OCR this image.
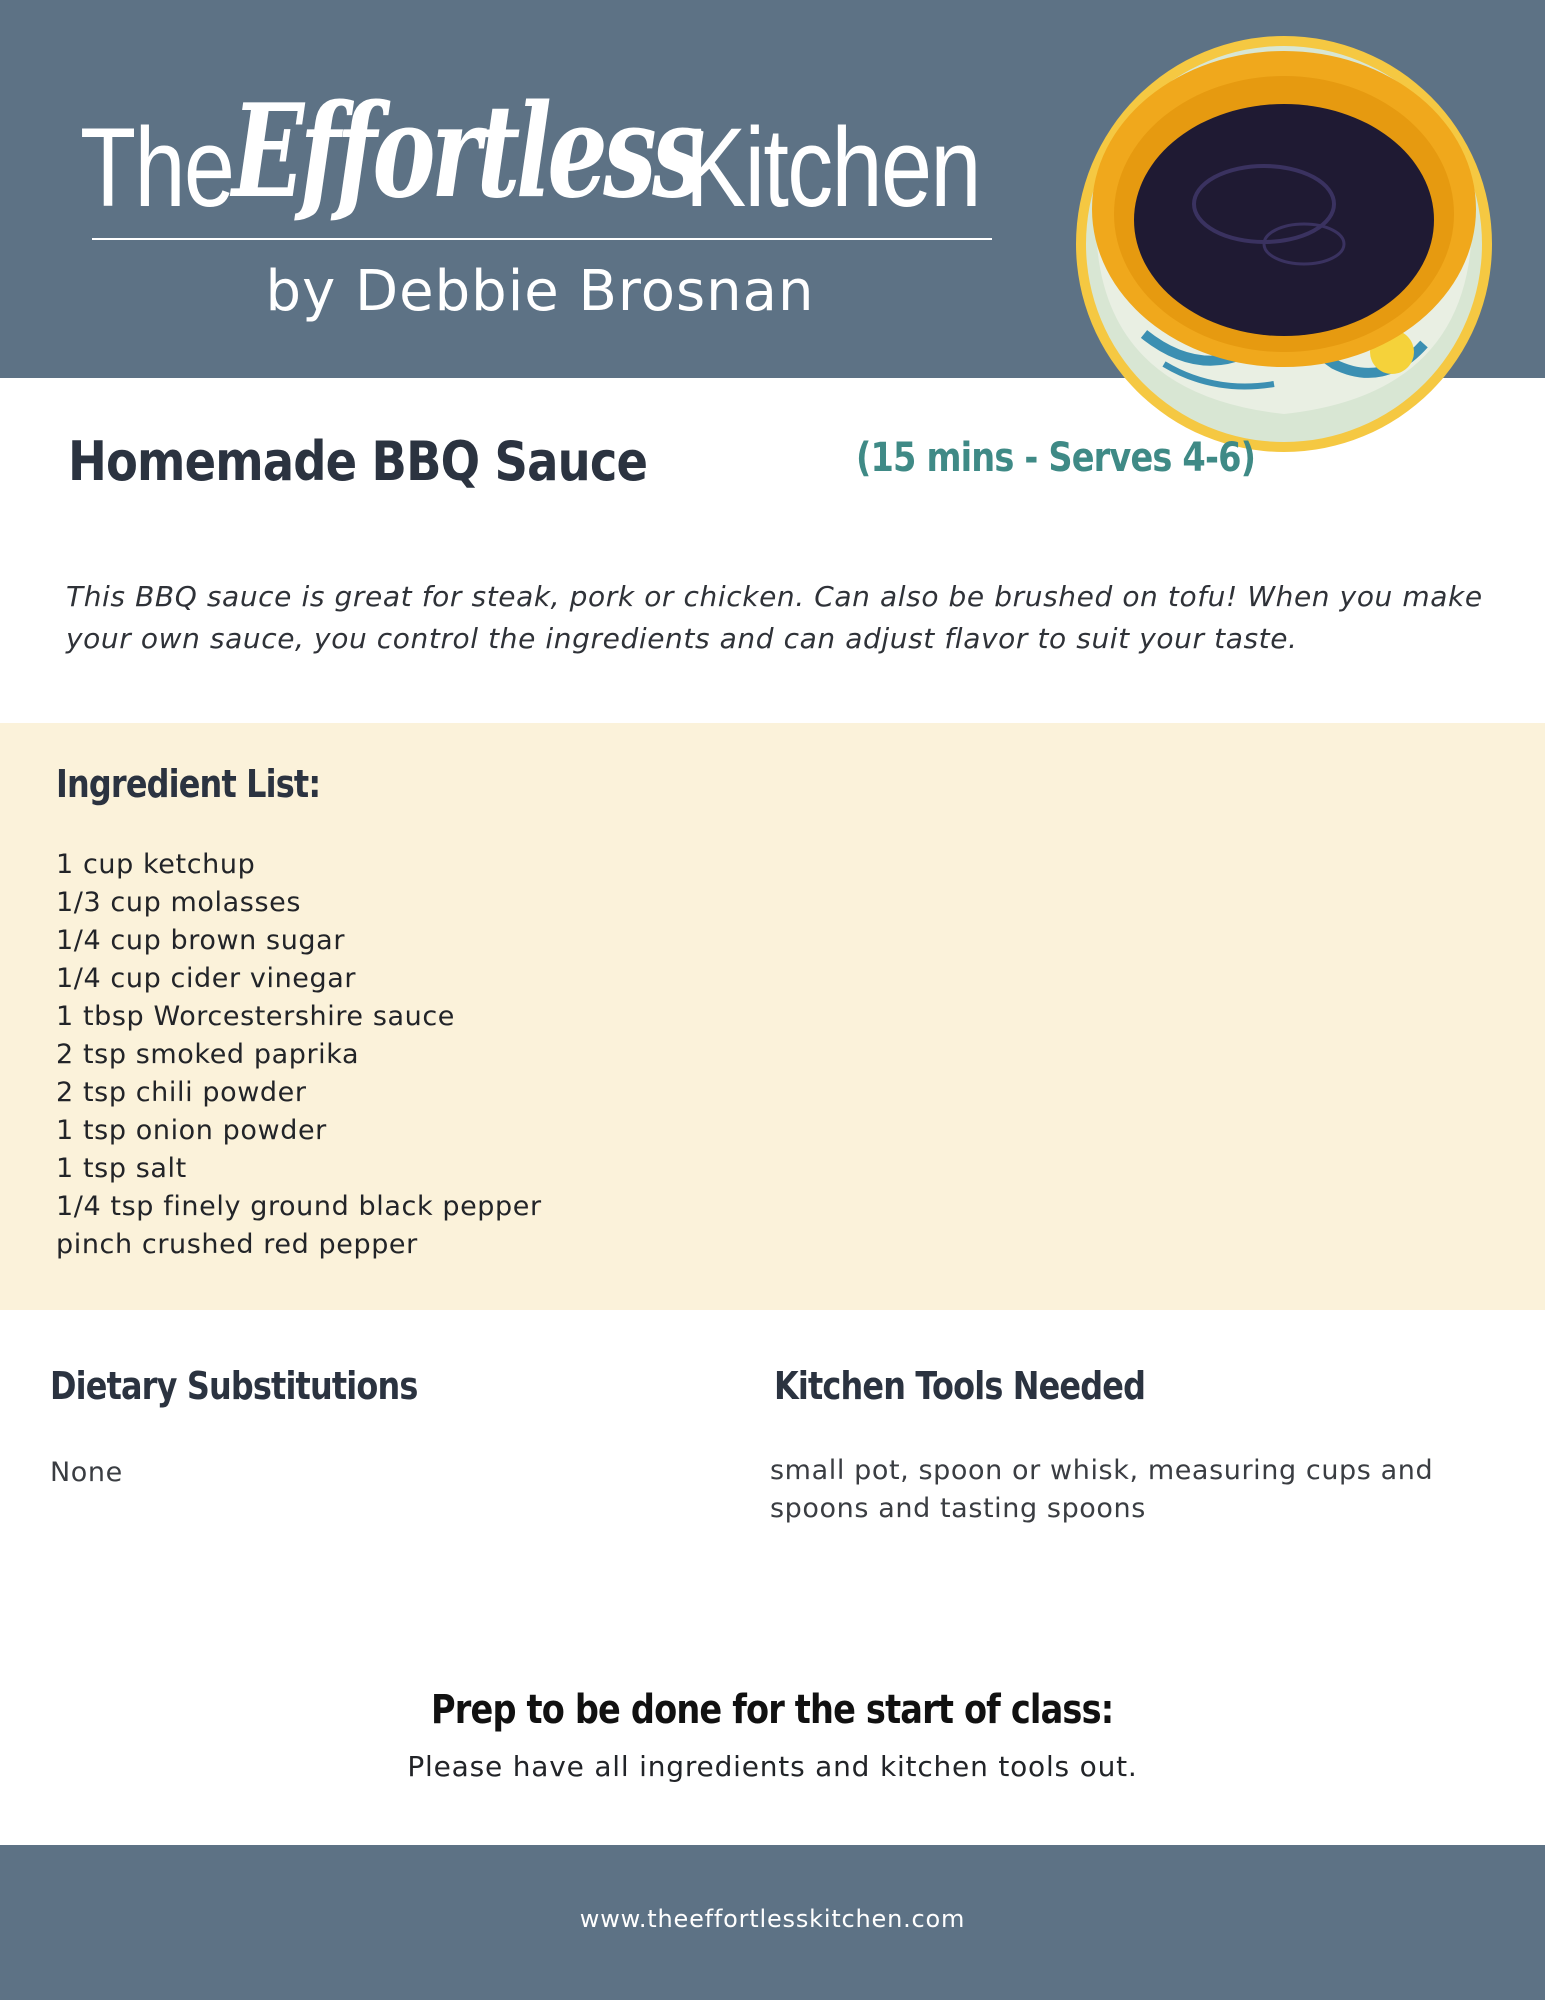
The
Effortless
Kitchen
by Debbie Brosnan
Homemade BBQ Sauce	(15 mins - Serves 4-6)
This BBQ sauce is great for steak, pork or chicken. Can also be brushed on tofu! When you make your own sauce, you control the ingredients and can adjust flavor to suit your taste.
Ingredient List:
1 cup ketchup
1/3 cup molasses
1/4 cup brown sugar
1/4 cup cider vinegar
1 tbsp Worcestershire sauce
2 tsp smoked paprika
2 tsp chili powder
1 tsp onion powder
1 tsp salt
1/4 tsp finely ground black pepper
pinch crushed red pepper
Dietary Substitutions
None
Kitchen Tools Needed
small pot, spoon or whisk, measuring cups and spoons and tasting spoons
Prep to be done for the start of class:
Please have all ingredients and kitchen tools out.
www.theeffortlesskitchen.com
